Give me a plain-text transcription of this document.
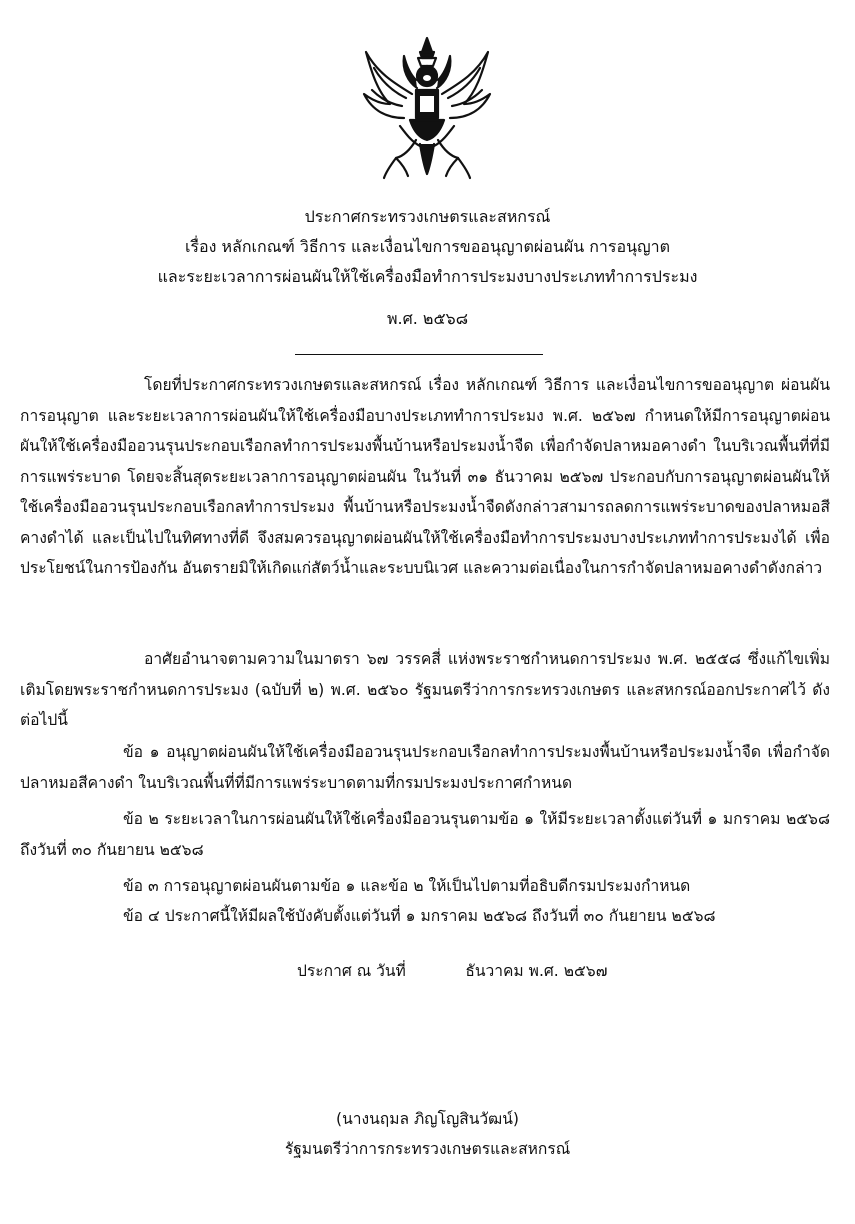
ประกาศกระทรวงเกษตรและสหกรณ์
เรื่อง หลักเกณฑ์ วิธีการ และเงื่อนไขการขออนุญาตผ่อนผัน การอนุญาต
และระยะเวลาการผ่อนผันให้ใช้เครื่องมือทำการประมงบางประเภททำการประมง
พ.ศ. ๒๕๖๘

โดยที่ประกาศกระทรวงเกษตรและสหกรณ์ เรื่อง หลักเกณฑ์ วิธีการ และเงื่อนไขการขออนุญาต ผ่อนผัน การอนุญาต และระยะเวลาการผ่อนผันให้ใช้เครื่องมือบางประเภททำการประมง พ.ศ. ๒๕๖๗ กำหนดให้มีการอนุญาตผ่อนผันให้ใช้เครื่องมืออวนรุนประกอบเรือกลทำการประมงพื้นบ้านหรือประมงน้ำจืด เพื่อกำจัดปลาหมอคางดำ ในบริเวณพื้นที่ที่มีการแพร่ระบาด โดยจะสิ้นสุดระยะเวลาการอนุญาตผ่อนผัน ในวันที่ ๓๑ ธันวาคม ๒๕๖๗ ประกอบกับการอนุญาตผ่อนผันให้ใช้เครื่องมืออวนรุนประกอบเรือกลทำการประมง พื้นบ้านหรือประมงน้ำจืดดังกล่าวสามารถลดการแพร่ระบาดของปลาหมอสีคางดำได้ และเป็นไปในทิศทางที่ดี จึงสมควรอนุญาตผ่อนผันให้ใช้เครื่องมือทำการประมงบางประเภททำการประมงได้ เพื่อประโยชน์ในการป้องกัน อันตรายมิให้เกิดแก่สัตว์น้ำและระบบนิเวศ และความต่อเนื่องในการกำจัดปลาหมอคางดำดังกล่าว

อาศัยอำนาจตามความในมาตรา ๖๗ วรรคสี่ แห่งพระราชกำหนดการประมง พ.ศ. ๒๕๕๘ ซึ่งแก้ไขเพิ่มเติมโดยพระราชกำหนดการประมง (ฉบับที่ ๒) พ.ศ. ๒๕๖๐ รัฐมนตรีว่าการกระทรวงเกษตร และสหกรณ์ออกประกาศไว้ ดังต่อไปนี้

ข้อ ๑ อนุญาตผ่อนผันให้ใช้เครื่องมืออวนรุนประกอบเรือกลทำการประมงพื้นบ้านหรือประมงน้ำจืด เพื่อกำจัดปลาหมอสีคางดำ ในบริเวณพื้นที่ที่มีการแพร่ระบาดตามที่กรมประมงประกาศกำหนด

ข้อ ๒ ระยะเวลาในการผ่อนผันให้ใช้เครื่องมืออวนรุนตามข้อ ๑ ให้มีระยะเวลาตั้งแต่วันที่ ๑ มกราคม ๒๕๖๘ ถึงวันที่ ๓๐ กันยายน ๒๕๖๘

ข้อ ๓ การอนุญาตผ่อนผันตามข้อ ๑ และข้อ ๒ ให้เป็นไปตามที่อธิบดีกรมประมงกำหนด

ข้อ ๔ ประกาศนี้ให้มีผลใช้บังคับตั้งแต่วันที่ ๑ มกราคม ๒๕๖๘ ถึงวันที่ ๓๐ กันยายน ๒๕๖๘

ประกาศ ณ วันที่	ธันวาคม พ.ศ. ๒๕๖๗
(นางนฤมล ภิญโญสินวัฒน์)
รัฐมนตรีว่าการกระทรวงเกษตรและสหกรณ์
